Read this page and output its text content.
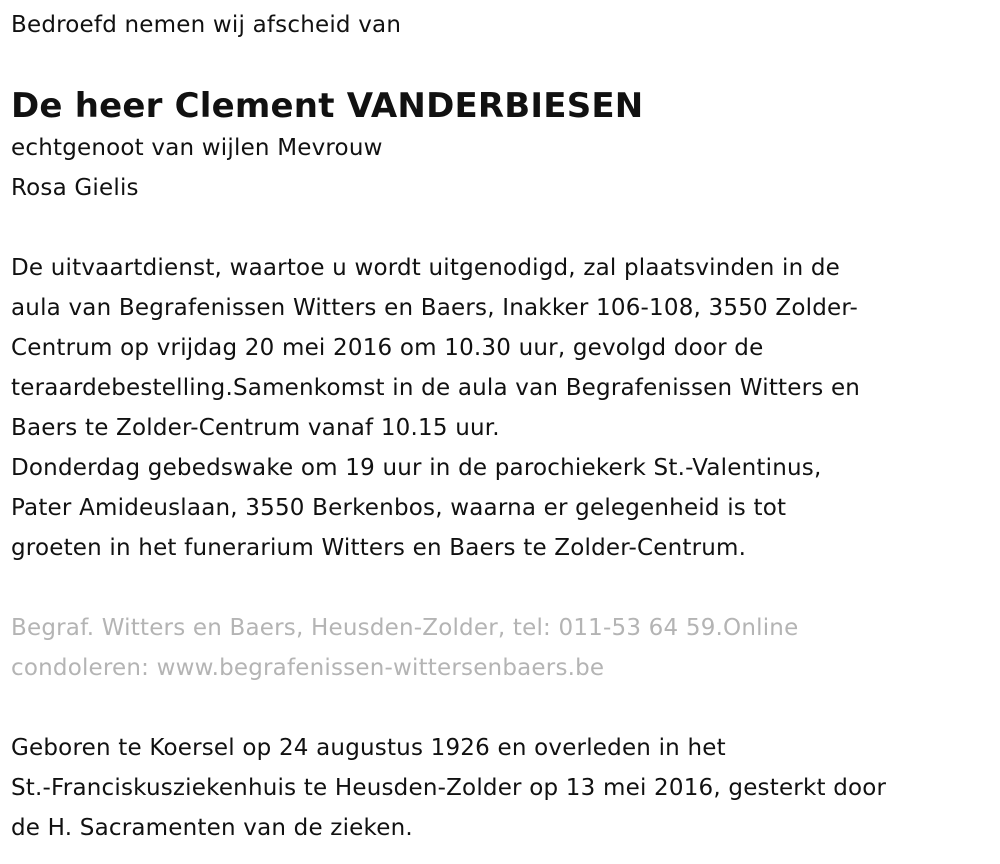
Bedroefd nemen wij afscheid van

De heer Clement VANDERBIESEN

echtgenoot van wijlen Mevrouw

Rosa Gielis

De uitvaartdienst, waartoe u wordt uitgenodigd, zal plaatsvinden in de

aula van Begrafenissen Witters en Baers, Inakker 106-108, 3550 Zolder-

Centrum op vrijdag 20 mei 2016 om 10.30 uur, gevolgd door de

teraardebestelling.Samenkomst in de aula van Begrafenissen Witters en

Baers te Zolder-Centrum vanaf 10.15 uur.

Donderdag gebedswake om 19 uur in de parochiekerk St.-Valentinus,

Pater Amideuslaan, 3550 Berkenbos, waarna er gelegenheid is tot

groeten in het funerarium Witters en Baers te Zolder-Centrum.

Begraf. Witters en Baers, Heusden-Zolder, tel: 011-53 64 59.Online

condoleren: www.begrafenissen-wittersenbaers.be

Geboren te Koersel op 24 augustus 1926 en overleden in het

St.-Franciskusziekenhuis te Heusden-Zolder op 13 mei 2016, gesterkt door

de H. Sacramenten van de zieken.
